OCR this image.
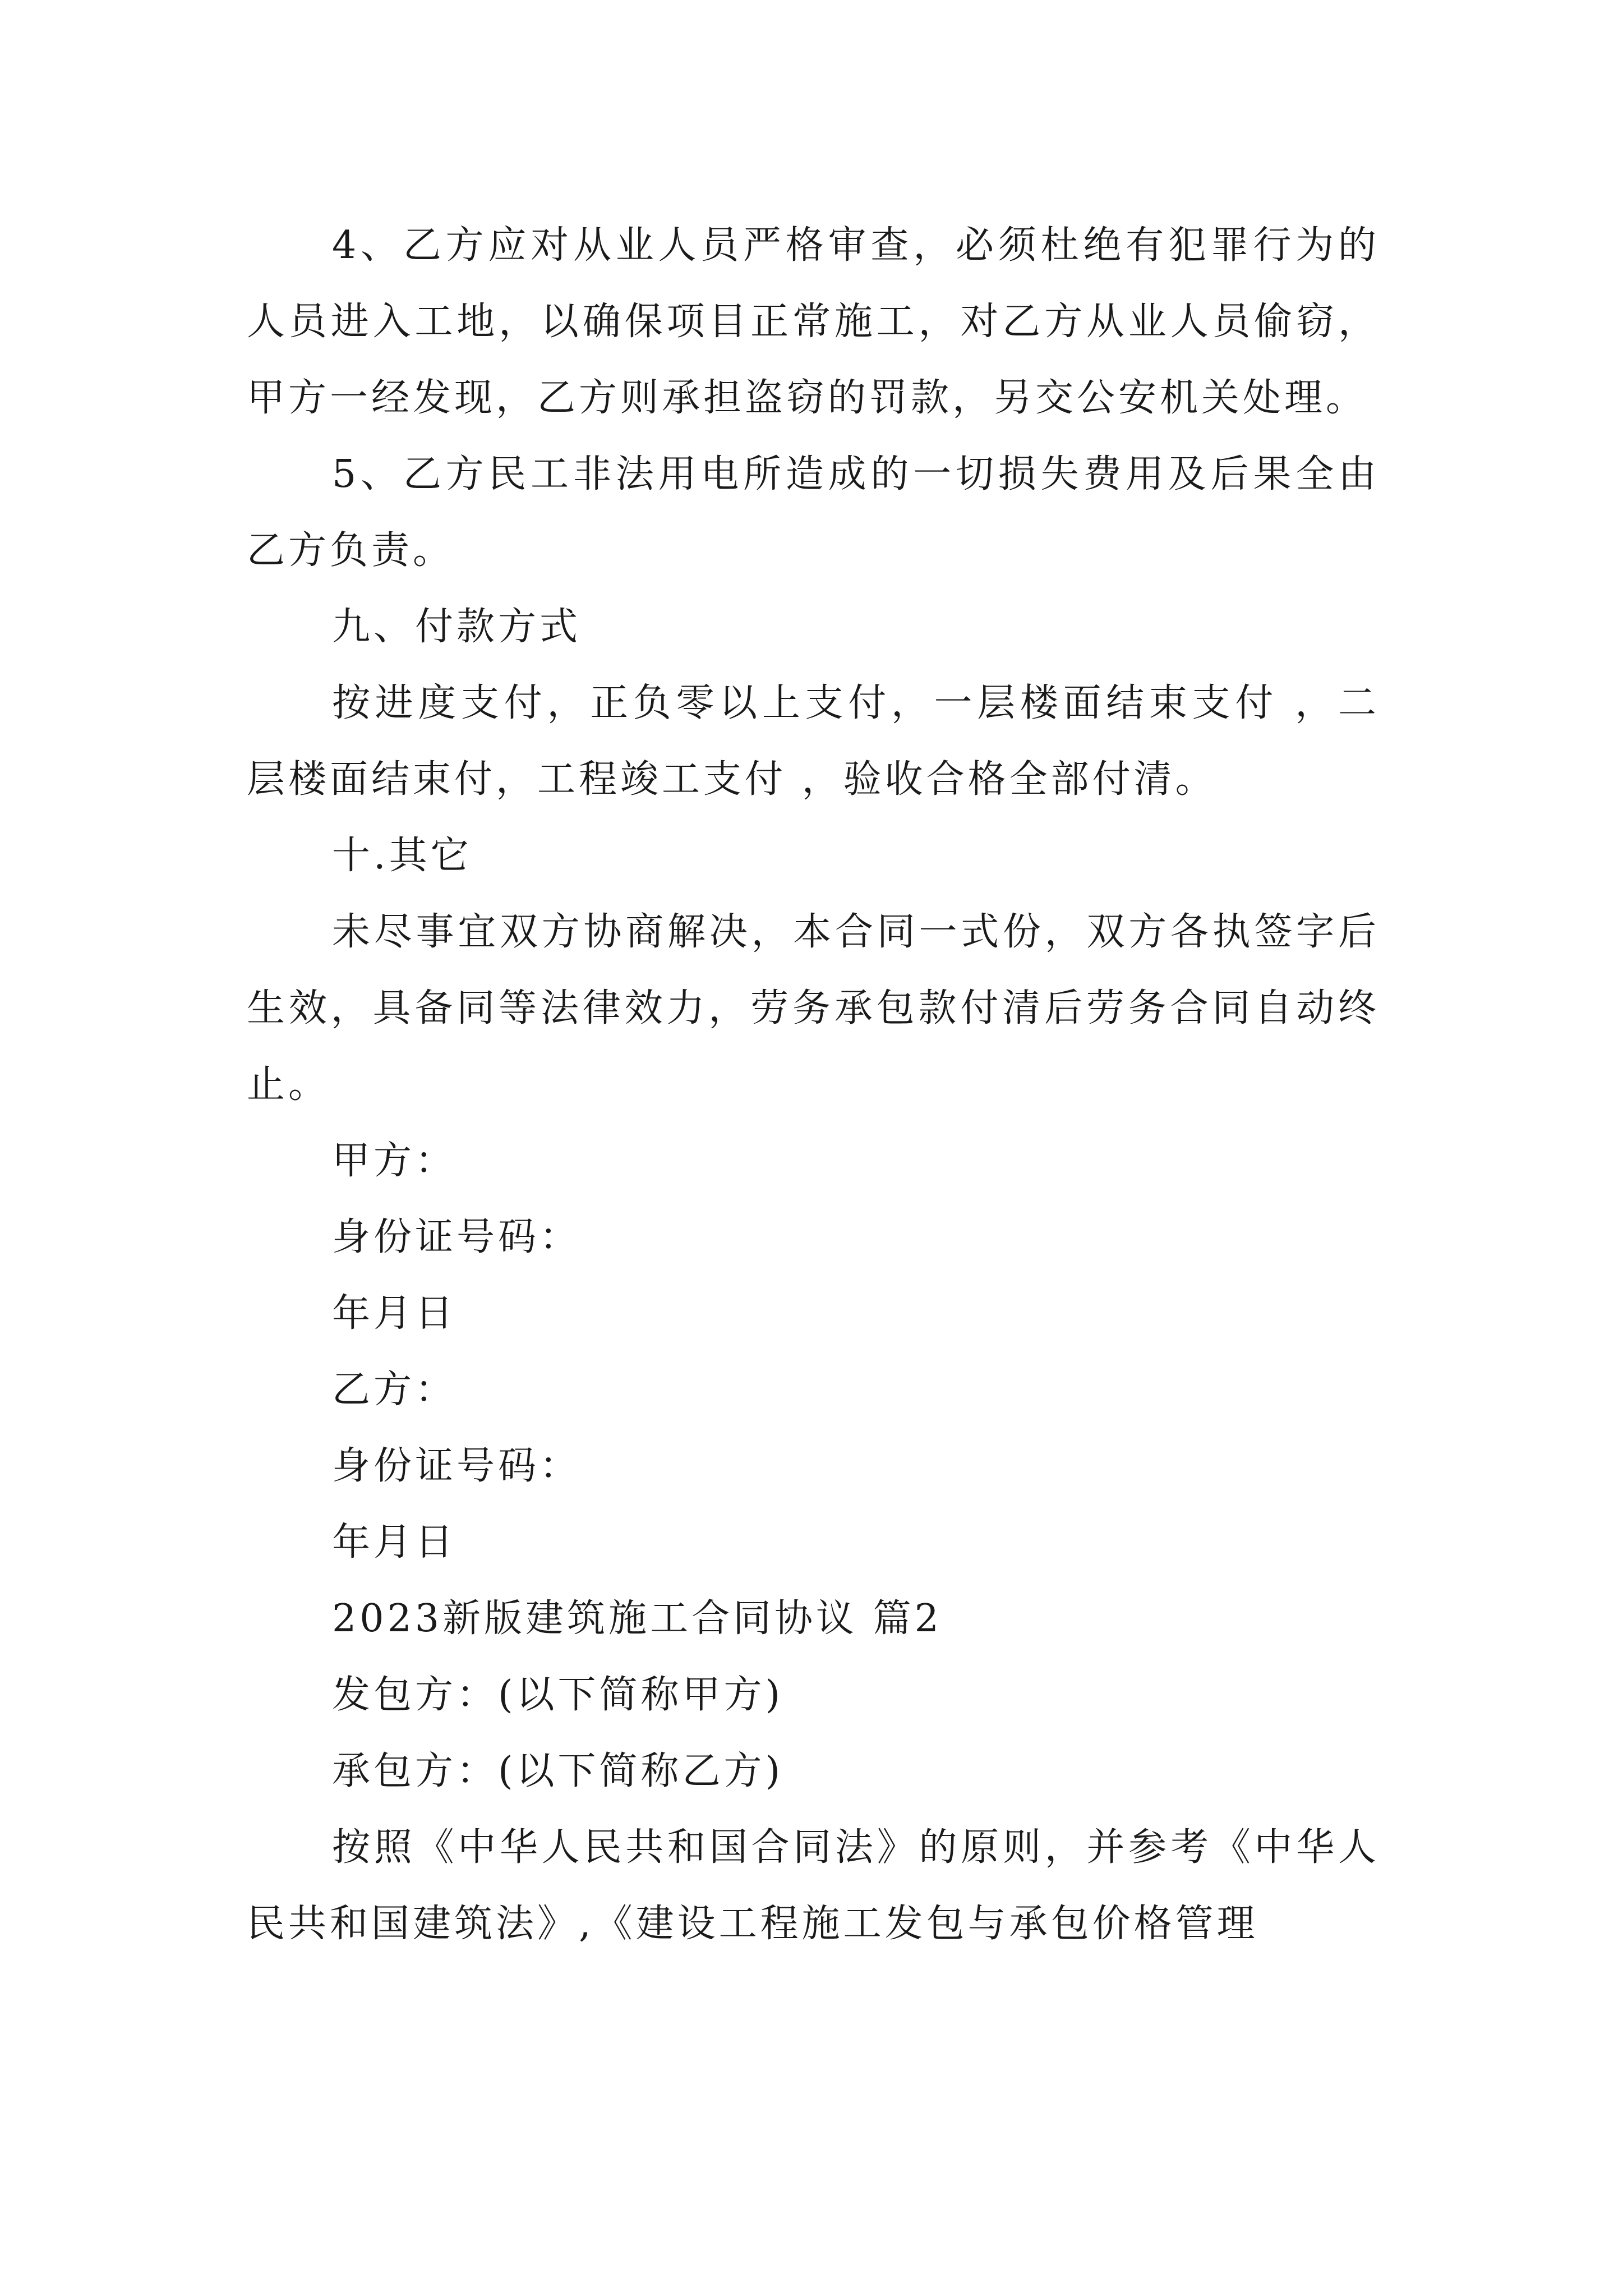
4、乙方应对从业人员严格审查，必须杜绝有犯罪行为的人员进入工地，以确保项目正常施工，对乙方从业人员偷窃，甲方一经发现，乙方则承担盗窃的罚款，另交公安机关处理。

5、乙方民工非法用电所造成的一切损失费用及后果全由乙方负责。

九、付款方式

按进度支付，正负零以上支付，一层楼面结束支付 ，二层楼面结束付，工程竣工支付 ，验收合格全部付清。

十.其它

未尽事宜双方协商解决，本合同一式份，双方各执签字后生效，具备同等法律效力，劳务承包款付清后劳务合同自动终止。

甲方：

身份证号码：

年月日

乙方：

身份证号码：

年月日

2023新版建筑施工合同协议 篇2

发包方：(以下简称甲方)

承包方：(以下简称乙方)

按照《中华人民共和国合同法》的原则，并参考《中华人民共和国建筑法》,《建设工程施工发包与承包价格管理
